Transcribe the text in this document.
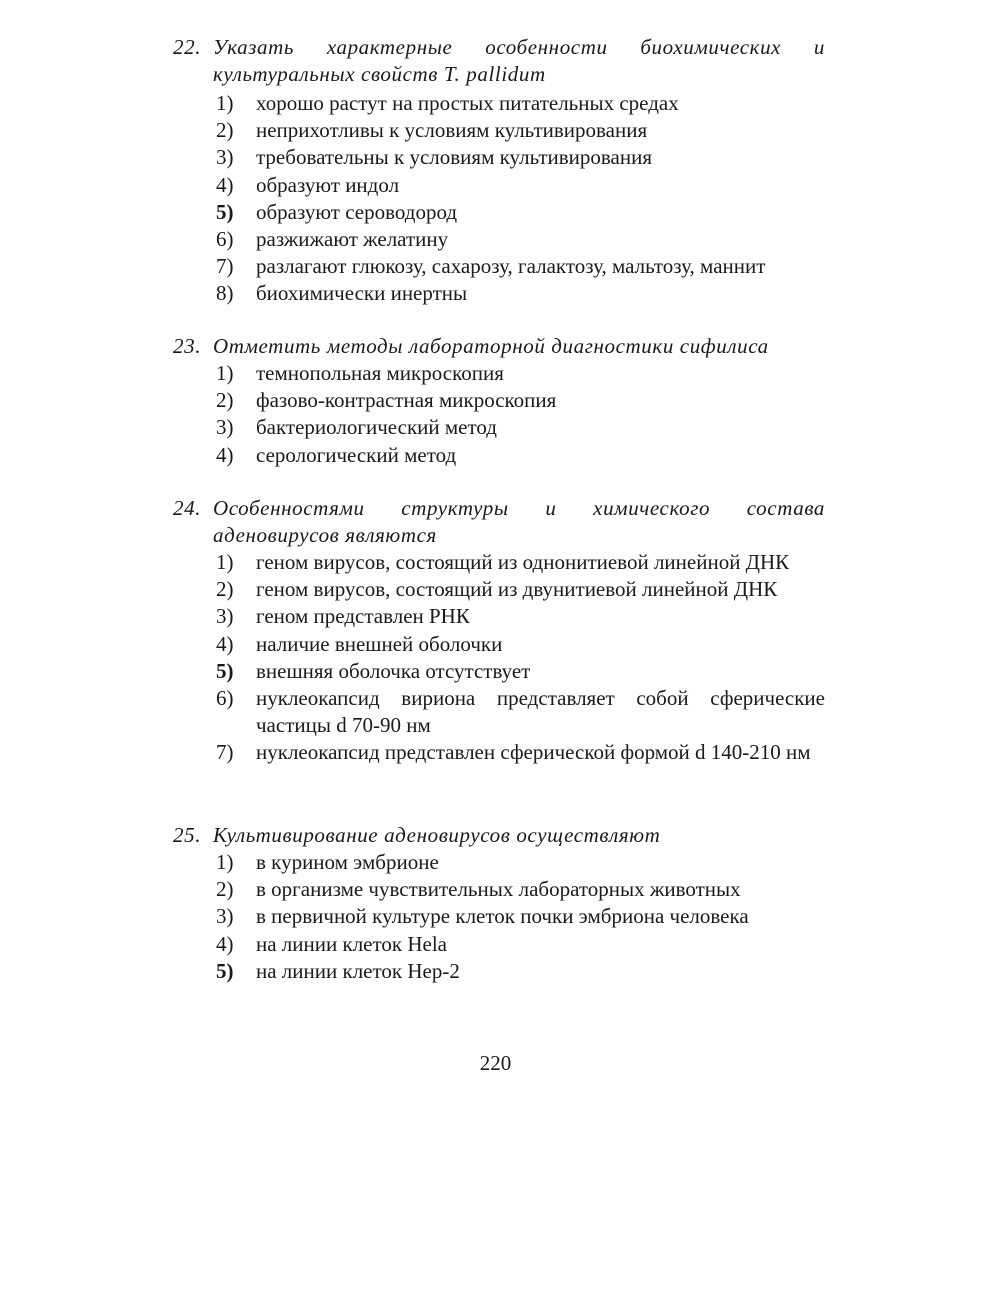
22. Указать характерные особенности биохимических и культуральных свойств T. pallidum
1)	хорошо растут на простых питательных средах
2)	неприхотливы к условиям культивирования
3)	требовательны к условиям культивирования
4)	образуют индол
5)	образуют сероводород
6)	разжижают желатину
7)	разлагают глюкозу, сахарозу, галактозу, мальтозу, маннит
8)	биохимически инертны
23. Отметить методы лабораторной диагностики сифилиса
1)	темнопольная микроскопия
2)	фазово-контрастная микроскопия
3)	бактериологический метод
4)	серологический метод
24. Особенностями структуры и химического состава аденовирусов являются
1)	геном вирусов, состоящий из однонитиевой линейной ДНК
2)	геном вирусов, состоящий из двунитиевой линейной ДНК
3)	геном представлен РНК
4)	наличие внешней оболочки
5)	внешняя оболочка отсутствует
6)	нуклеокапсид вириона представляет собой сферические частицы d 70-90 нм
7)	нуклеокапсид представлен сферической формой d 140-210 нм
25. Культивирование аденовирусов осуществляют
1)	в курином эмбрионе
2)	в организме чувствительных лабораторных животных
3)	в первичной культуре клеток почки эмбриона человека
4)	на линии клеток Hela
5)	на линии клеток Hep-2
220
